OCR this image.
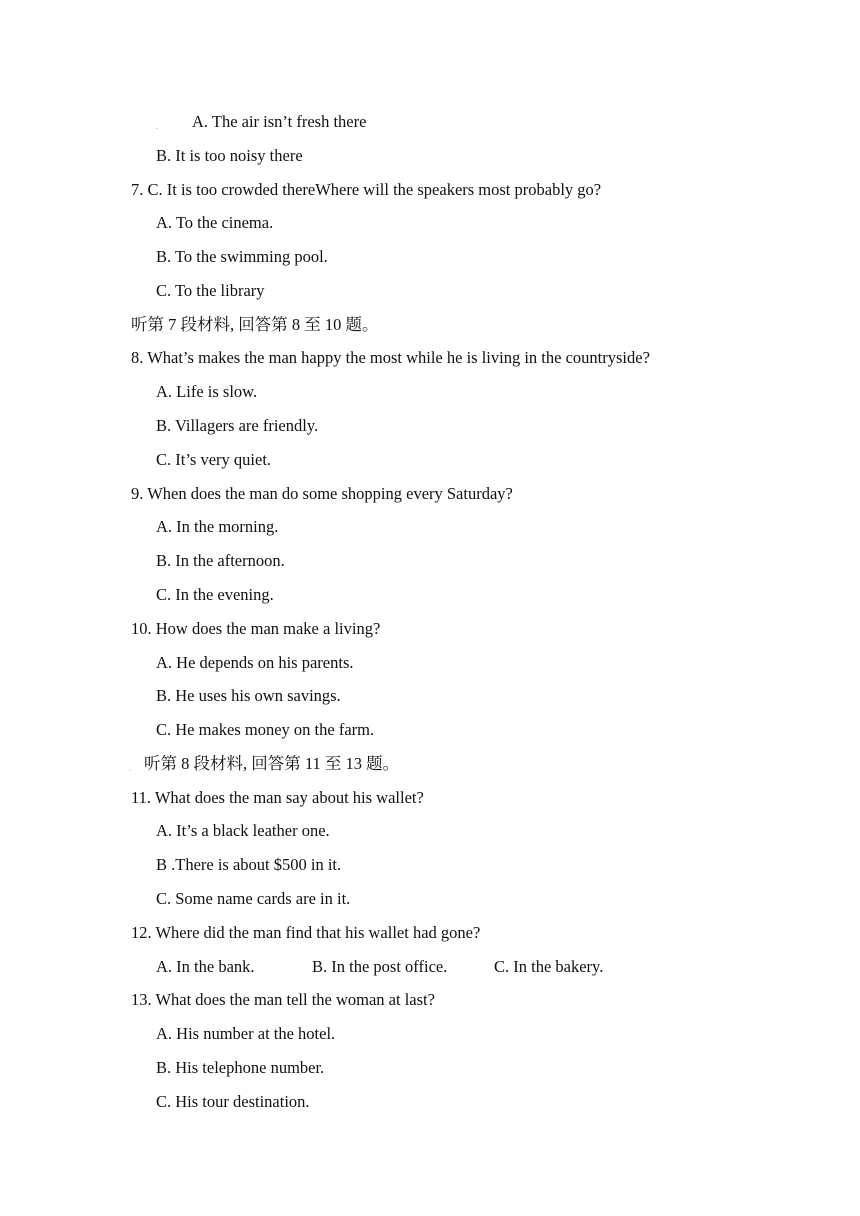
. A. The air isn’t fresh there
B. It is too noisy there
7. C. It is too crowded thereWhere will the speakers most probably go?
A. To the cinema.
B. To the swimming pool.
C. To the library
听第 7 段材料, 回答第 8 至 10 题。
8. What’s makes the man happy the most while he is living in the countryside?
A. Life is slow.
B. Villagers are friendly.
C. It’s very quiet.
9. When does the man do some shopping every Saturday?
A. In the morning.
B. In the afternoon.
C. In the evening.
10. How does the man make a living?
A. He depends on his parents.
B. He uses his own savings.
C. He makes money on the farm.
. 听第 8 段材料, 回答第 11 至 13 题。
11. What does the man say about his wallet?
A. It’s a black leather one.
B .There is about $500 in it.
C. Some name cards are in it.
12. Where did the man find that his wallet had gone?
A. In the bank.	B. In the post office.	C. In the bakery.
13. What does the man tell the woman at last?
A. His number at the hotel.
B. His telephone number.
C. His tour destination.
